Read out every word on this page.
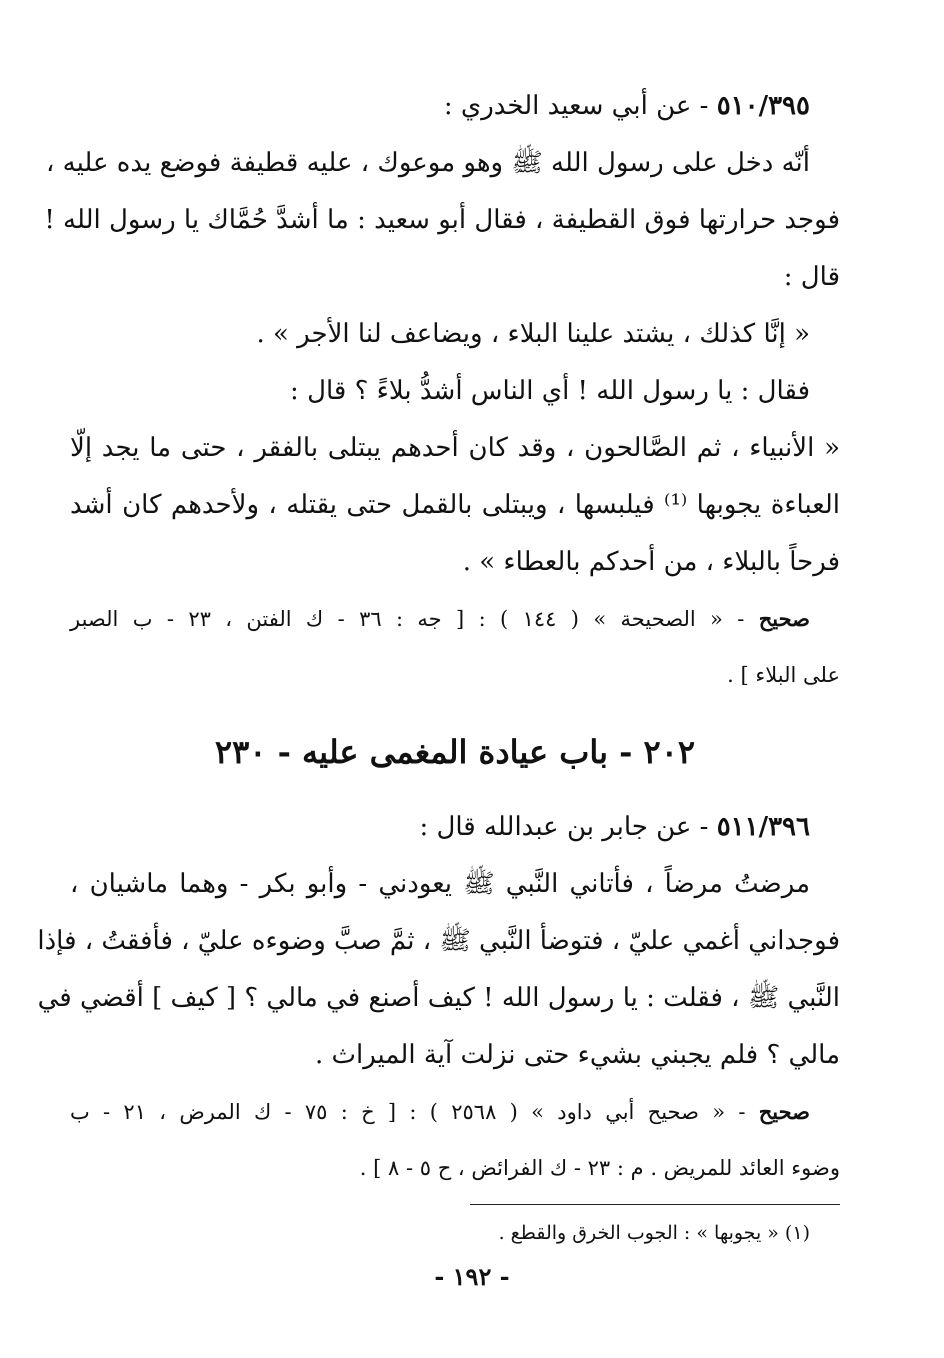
٥١٠/٣٩٥ - عن أبي سعيد الخدري :
أنّه دخل على رسول الله ﷺ وهو موعوك ، عليه قطيفة فوضع يده عليه ،
فوجد حرارتها فوق القطيفة ، فقال أبو سعيد : ما أشدَّ حُمَّاك يا رسول الله !
قال :
« إنَّا كذلك ، يشتد علينا البلاء ، ويضاعف لنا الأجر » .
فقال : يا رسول الله ! أي الناس أشدُّ بلاءً ؟ قال :
« الأنبياء ، ثم الصَّالحون ، وقد كان أحدهم يبتلى بالفقر ، حتى ما يجد إلّا
العباءة يجوبها ⁽¹⁾ فيلبسها ، ويبتلى بالقمل حتى يقتله ، ولأحدهم كان أشد
فرحاً بالبلاء ، من أحدكم بالعطاء » .
صحيح - « الصحيحة » ( ١٤٤ ) : [ جه : ٣٦ - ك الفتن ، ٢٣ - ب الصبر
على البلاء ] .
٢٠٢ - باب عيادة المغمى عليه - ٢٣٠
٥١١/٣٩٦ - عن جابر بن عبدالله قال :
مرضتُ مرضاً ، فأتاني النَّبي ﷺ يعودني - وأبو بكر - وهما ماشيان ،
فوجداني أغمي عليّ ، فتوضأ النَّبي ﷺ ، ثمَّ صبَّ وضوءه عليّ ، فأفقتُ ، فإذا
النَّبي ﷺ ، فقلت : يا رسول الله ! كيف أصنع في مالي ؟ [ كيف ] أقضي في
مالي ؟ فلم يجبني بشيء حتى نزلت آية الميراث .
صحيح - « صحيح أبي داود » ( ٢٥٦٨ ) : [ خ : ٧٥ - ك المرض ، ٢١ - ب
وضوء العائد للمريض . م : ٢٣ - ك الفرائض ، ح ٥ - ٨ ] .
(١) « يجوبها » : الجوب الخرق والقطع .
- ١٩٢ -
